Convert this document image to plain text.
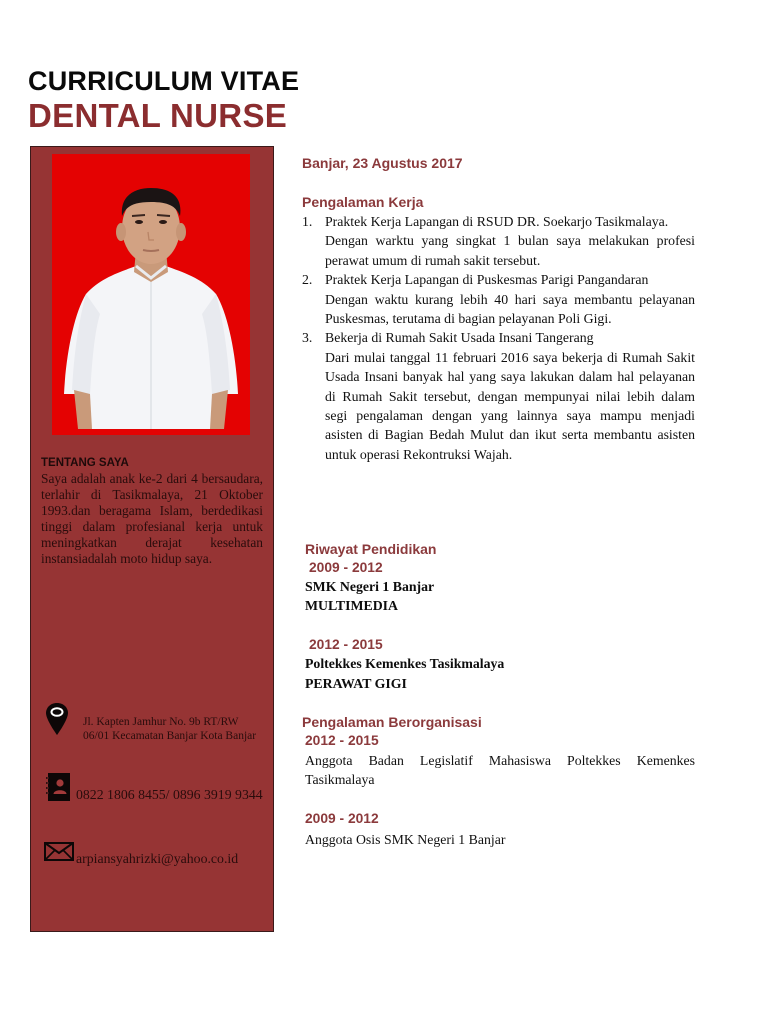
CURRICULUM VITAE
DENTAL NURSE
TENTANG SAYA

Saya adalah anak ke-2 dari 4 bersaudara, terlahir di Tasikmalaya, 21 Oktober 1993.dan beragama Islam, berdedikasi tinggi dalam profesianal kerja untuk meningkatkan derajat kesehatan instansiadalah moto hidup saya.

Jl. Kapten Jamhur No. 9b RT/RW 06/01 Kecamatan Banjar Kota Banjar

0822 1806 8455/ 0896 3919 9344
arpiansyahrizki@yahoo.co.id
Banjar, 23 Agustus 2017
Pengalaman Kerja
1. Praktek Kerja Lapangan di RSUD DR. Soekarjo Tasikmalaya.
Dengan warktu yang singkat 1 bulan saya melakukan profesi perawat umum di rumah sakit tersebut.
2. Praktek Kerja Lapangan di Puskesmas Parigi Pangandaran
Dengan waktu kurang lebih 40 hari saya membantu pelayanan Puskesmas, terutama di bagian pelayanan Poli Gigi.
3. Bekerja di Rumah Sakit Usada Insani Tangerang
Dari mulai tanggal 11 februari 2016 saya bekerja di Rumah Sakit Usada Insani banyak hal yang saya lakukan dalam hal pelayanan di Rumah Sakit tersebut, dengan mempunyai nilai lebih dalam segi pengalaman dengan yang lainnya saya mampu menjadi asisten di Bagian Bedah Mulut dan ikut serta membantu asisten untuk operasi Rekontruksi Wajah.
Riwayat Pendidikan
2009 - 2012
SMK Negeri 1 Banjar
MULTIMEDIA
2012 - 2015
Poltekkes Kemenkes Tasikmalaya
PERAWAT GIGI
Pengalaman Berorganisasi
2012 - 2015

Anggota Badan Legislatif Mahasiswa Poltekkes Kemenkes Tasikmalaya

2009 - 2012

Anggota Osis SMK Negeri 1 Banjar
